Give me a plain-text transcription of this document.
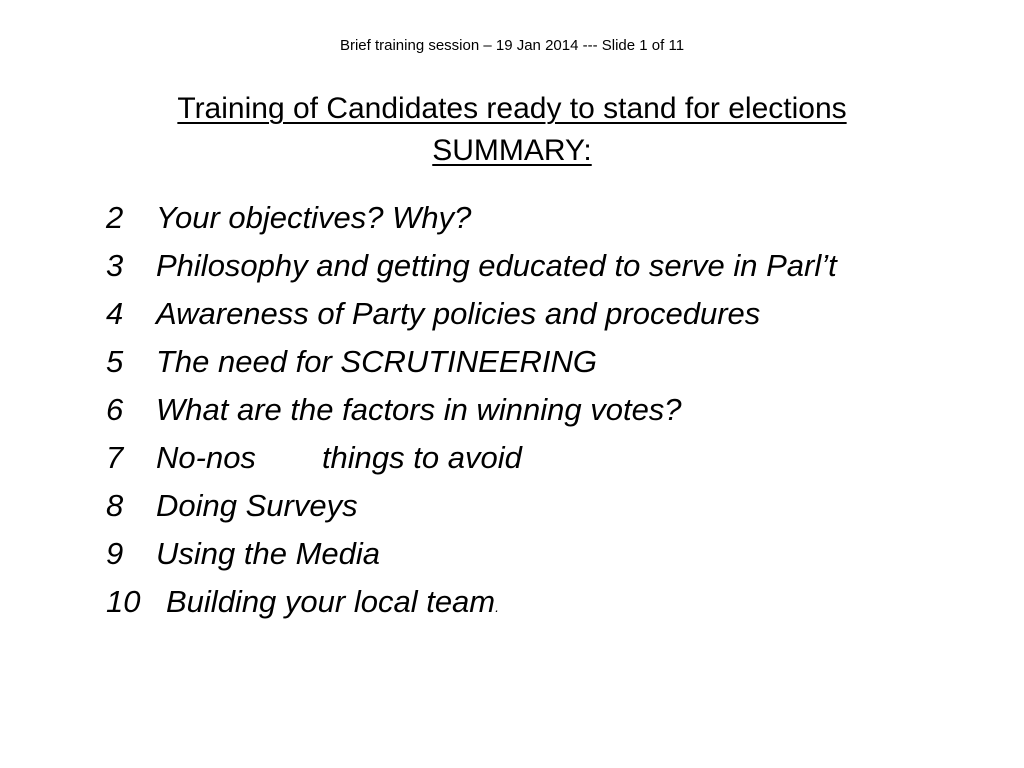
Brief training session – 19 Jan 2014 --- Slide 1 of 11
Training of Candidates ready to stand for elections
SUMMARY:
2	Your objectives? Why?
3	Philosophy and getting educated to serve in Parl’t
4	Awareness of Party policies and procedures
5	The need for SCRUTINEERING
6	What are the factors in winning votes?
7	No-nos things to avoid
8	Doing Surveys
9	Using the Media
10 Building your local team .
